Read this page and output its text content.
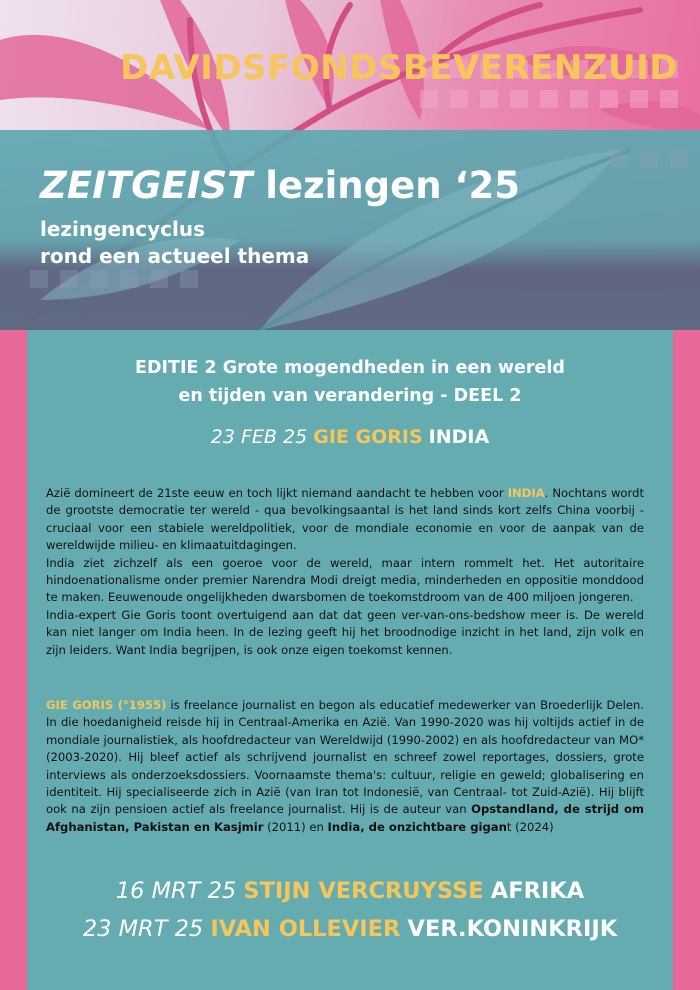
DAVIDSFONDSBEVERENZUID
ZEITGEIST lezingen ‘25
lezingencyclus
rond een actueel thema
EDITIE 2 Grote mogendheden in een wereld
en tijden van verandering - DEEL 2
23 FEB 25 GIE GORIS INDIA
Azië domineert de 21ste eeuw en toch lijkt niemand aandacht te hebben voor INDIA. Nochtans wordt de grootste democratie ter wereld - qua bevolkingsaantal is het land sinds kort zelfs China voorbij - cruciaal voor een stabiele wereldpolitiek, voor de mondiale economie en voor de aanpak van de wereldwijde milieu- en klimaatuitdagingen.
India ziet zichzelf als een goeroe voor de wereld, maar intern rommelt het. Het autoritaire hindoenationalisme onder premier Narendra Modi dreigt media, minderheden en oppositie monddood te maken. Eeuwenoude ongelijkheden dwarsbomen de toekomstdroom van de 400 miljoen jongeren.
India-expert Gie Goris toont overtuigend aan dat dat geen ver-van-ons-bedshow meer is. De wereld kan niet langer om India heen. In de lezing geeft hij het broodnodige inzicht in het land, zijn volk en zijn leiders. Want India begrijpen, is ook onze eigen toekomst kennen.
GIE GORIS (°1955) is freelance journalist en begon als educatief medewerker van Broederlijk Delen. In die hoedanigheid reisde hij in Centraal-Amerika en Azië. Van 1990-2020 was hij voltijds actief in de mondiale journalistiek, als hoofdredacteur van Wereldwijd (1990-2002) en als hoofdredacteur van MO* (2003-2020). Hij bleef actief als schrijvend journalist en schreef zowel reportages, dossiers, grote interviews als onderzoeksdossiers. Voornaamste thema's: cultuur, religie en geweld; globalisering en identiteit. Hij specialiseerde zich in Azië (van Iran tot Indonesië, van Centraal- tot Zuid-Azië). Hij blijft ook na zijn pensioen actief als freelance journalist. Hij is de auteur van Opstandland, de strijd om Afghanistan, Pakistan en Kasjmir (2011) en India, de onzichtbare gigant (2024)
16 MRT 25 STIJN VERCRUYSSE AFRIKA
23 MRT 25 IVAN OLLEVIER VER.KONINKRIJK
